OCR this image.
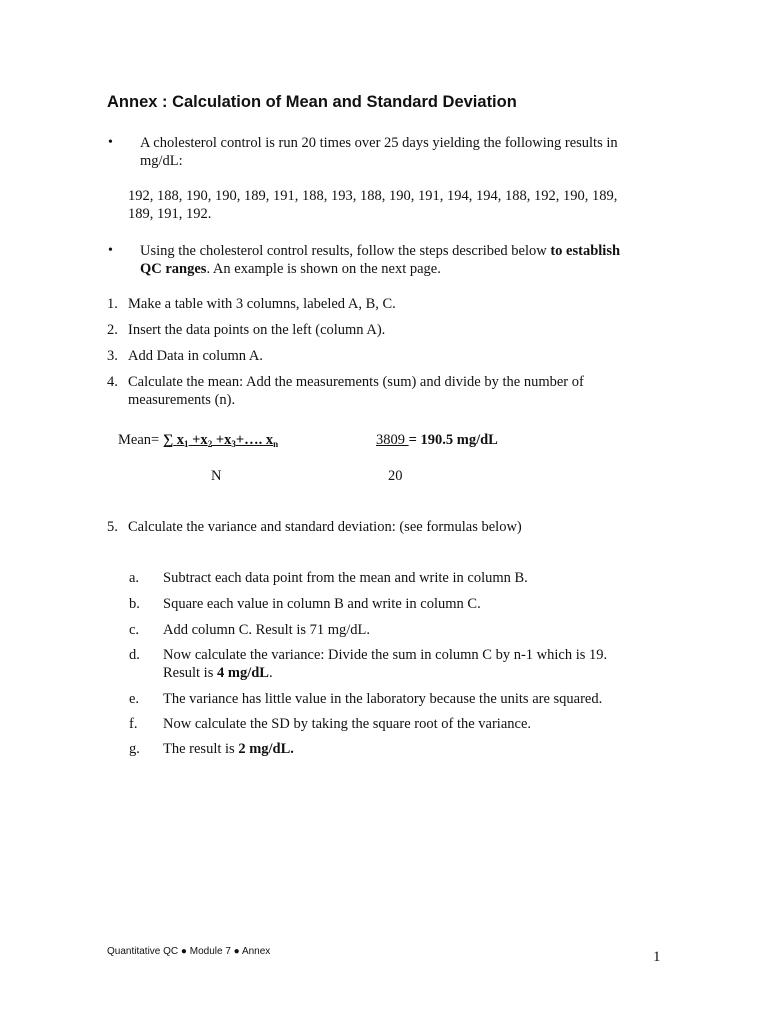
Annex : Calculation of Mean and Standard Deviation
• A cholesterol control is run 20 times over 25 days yielding the following results in
mg/dL:
192, 188, 190, 190, 189, 191, 188, 193, 188, 190, 191, 194, 194, 188, 192, 190, 189,
189, 191, 192.
• Using the cholesterol control results, follow the steps described below to establish
QC ranges. An example is shown on the next page.
1. Make a table with 3 columns, labeled A, B, C.
2. Insert the data points on the left (column A).
3. Add Data in column A.
4. Calculate the mean: Add the measurements (sum) and divide by the number of
measurements (n).
Mean= ∑ $x_1 +x_2$ $+x_3+\dots$. $x_n$	3809 = 190.5 mg/dL
N	20
5. Calculate the variance and standard deviation: (see formulas below)
a. Subtract each data point from the mean and write in column B.
b. Square each value in column B and write in column C.
c. Add column C. Result is 71 mg/dL.
d. Now calculate the variance: Divide the sum in column C by n-1 which is 19.
Result is 4 mg/dL.
e. The variance has little value in the laboratory because the units are squared.
f. Now calculate the SD by taking the square root of the variance.
g. The result is 2 mg/dL.
Quantitative QC ● Module 7 ● Annex	1
